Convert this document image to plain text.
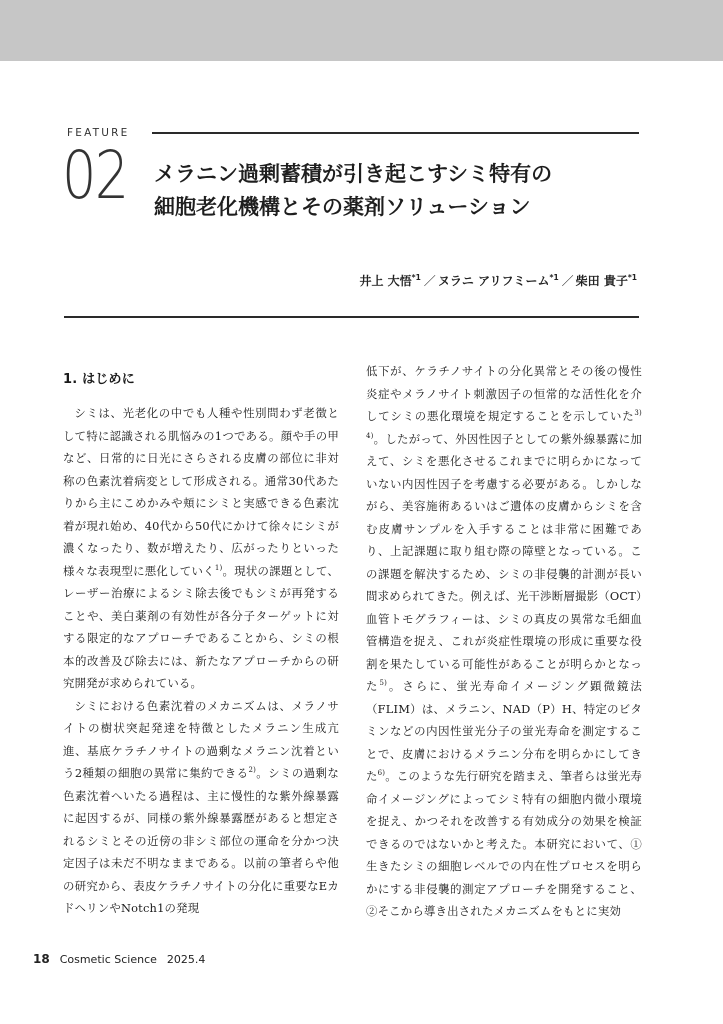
FEATURE
02 メラニン過剰蓄積が引き起こすシミ特有の
細胞老化機構とその薬剤ソリューション
井上 大悟$^{*1}$ ／ ヌラニ アリフミーム$^{*1}$ ／ 柴田 貴子$^{*1}$

1. はじめに

シミは、光老化の中でも人種や性別問わず老徴として特に認識される肌悩みの1つである。顔や手の甲など、日常的に日光にさらされる皮膚の部位に非対称の色素沈着病変として形成される。通常30代あたりから主にこめかみや頬にシミと実感できる色素沈着が現れ始め、40代から50代にかけて徐々にシミが濃くなったり、数が増えたり、広がったりといった様々な表現型に悪化していく$^{1)}$。現状の課題として、レーザー治療によるシミ除去後でもシミが再発することや、美白薬剤の有効性が各分子ターゲットに対する限定的なアプローチであることから、シミの根本的改善及び除去には、新たなアプローチからの研究開発が求められている。

シミにおける色素沈着のメカニズムは、メラノサイトの樹状突起発達を特徴としたメラニン生成亢進、基底ケラチノサイトの過剰なメラニン沈着という2種類の細胞の異常に集約できる$^{2)}$。シミの過剰な色素沈着へいたる過程は、主に慢性的な紫外線暴露に起因するが、同様の紫外線暴露歴があると想定されるシミとその近傍の非シミ部位の運命を分かつ決定因子は未だ不明なままである。以前の筆者らや他の研究から、表皮ケラチノサイトの分化に重要なEカドヘリンやNotch1の発現

低下が、ケラチノサイトの分化異常とその後の慢性炎症やメラノサイト刺激因子の恒常的な活性化を介してシミの悪化環境を規定することを示していた$^{3) 4)}$。したがって、外因性因子としての紫外線暴露に加えて、シミを悪化させるこれまでに明らかになっていない内因性因子を考慮する必要がある。しかしながら、美容施術あるいはご遺体の皮膚からシミを含む皮膚サンプルを入手することは非常に困難であり、上記課題に取り組む際の障壁となっている。この課題を解決するため、シミの非侵襲的計測が長い間求められてきた。例えば、光干渉断層撮影（OCT）血管トモグラフィーは、シミの真皮の異常な毛細血管構造を捉え、これが炎症性環境の形成に重要な役割を果たしている可能性があることが明らかとなった$^{5)}$。さらに、蛍光寿命イメージング顕微鏡法（FLIM）は、メラニン、NAD（P）H、特定のビタミンなどの内因性蛍光分子の蛍光寿命を測定することで、皮膚におけるメラニン分布を明らかにしてきた$^{6)}$。このような先行研究を踏まえ、筆者らは蛍光寿命イメージングによってシミ特有の細胞内微小環境を捉え、かつそれを改善する有効成分の効果を検証できるのではないかと考えた。本研究において、①生きたシミの細胞レベルでの内在性プロセスを明らかにする非侵襲的測定アプローチを開発すること、②そこから導き出されたメカニズムをもとに実効

18 Cosmetic Science 2025.4
